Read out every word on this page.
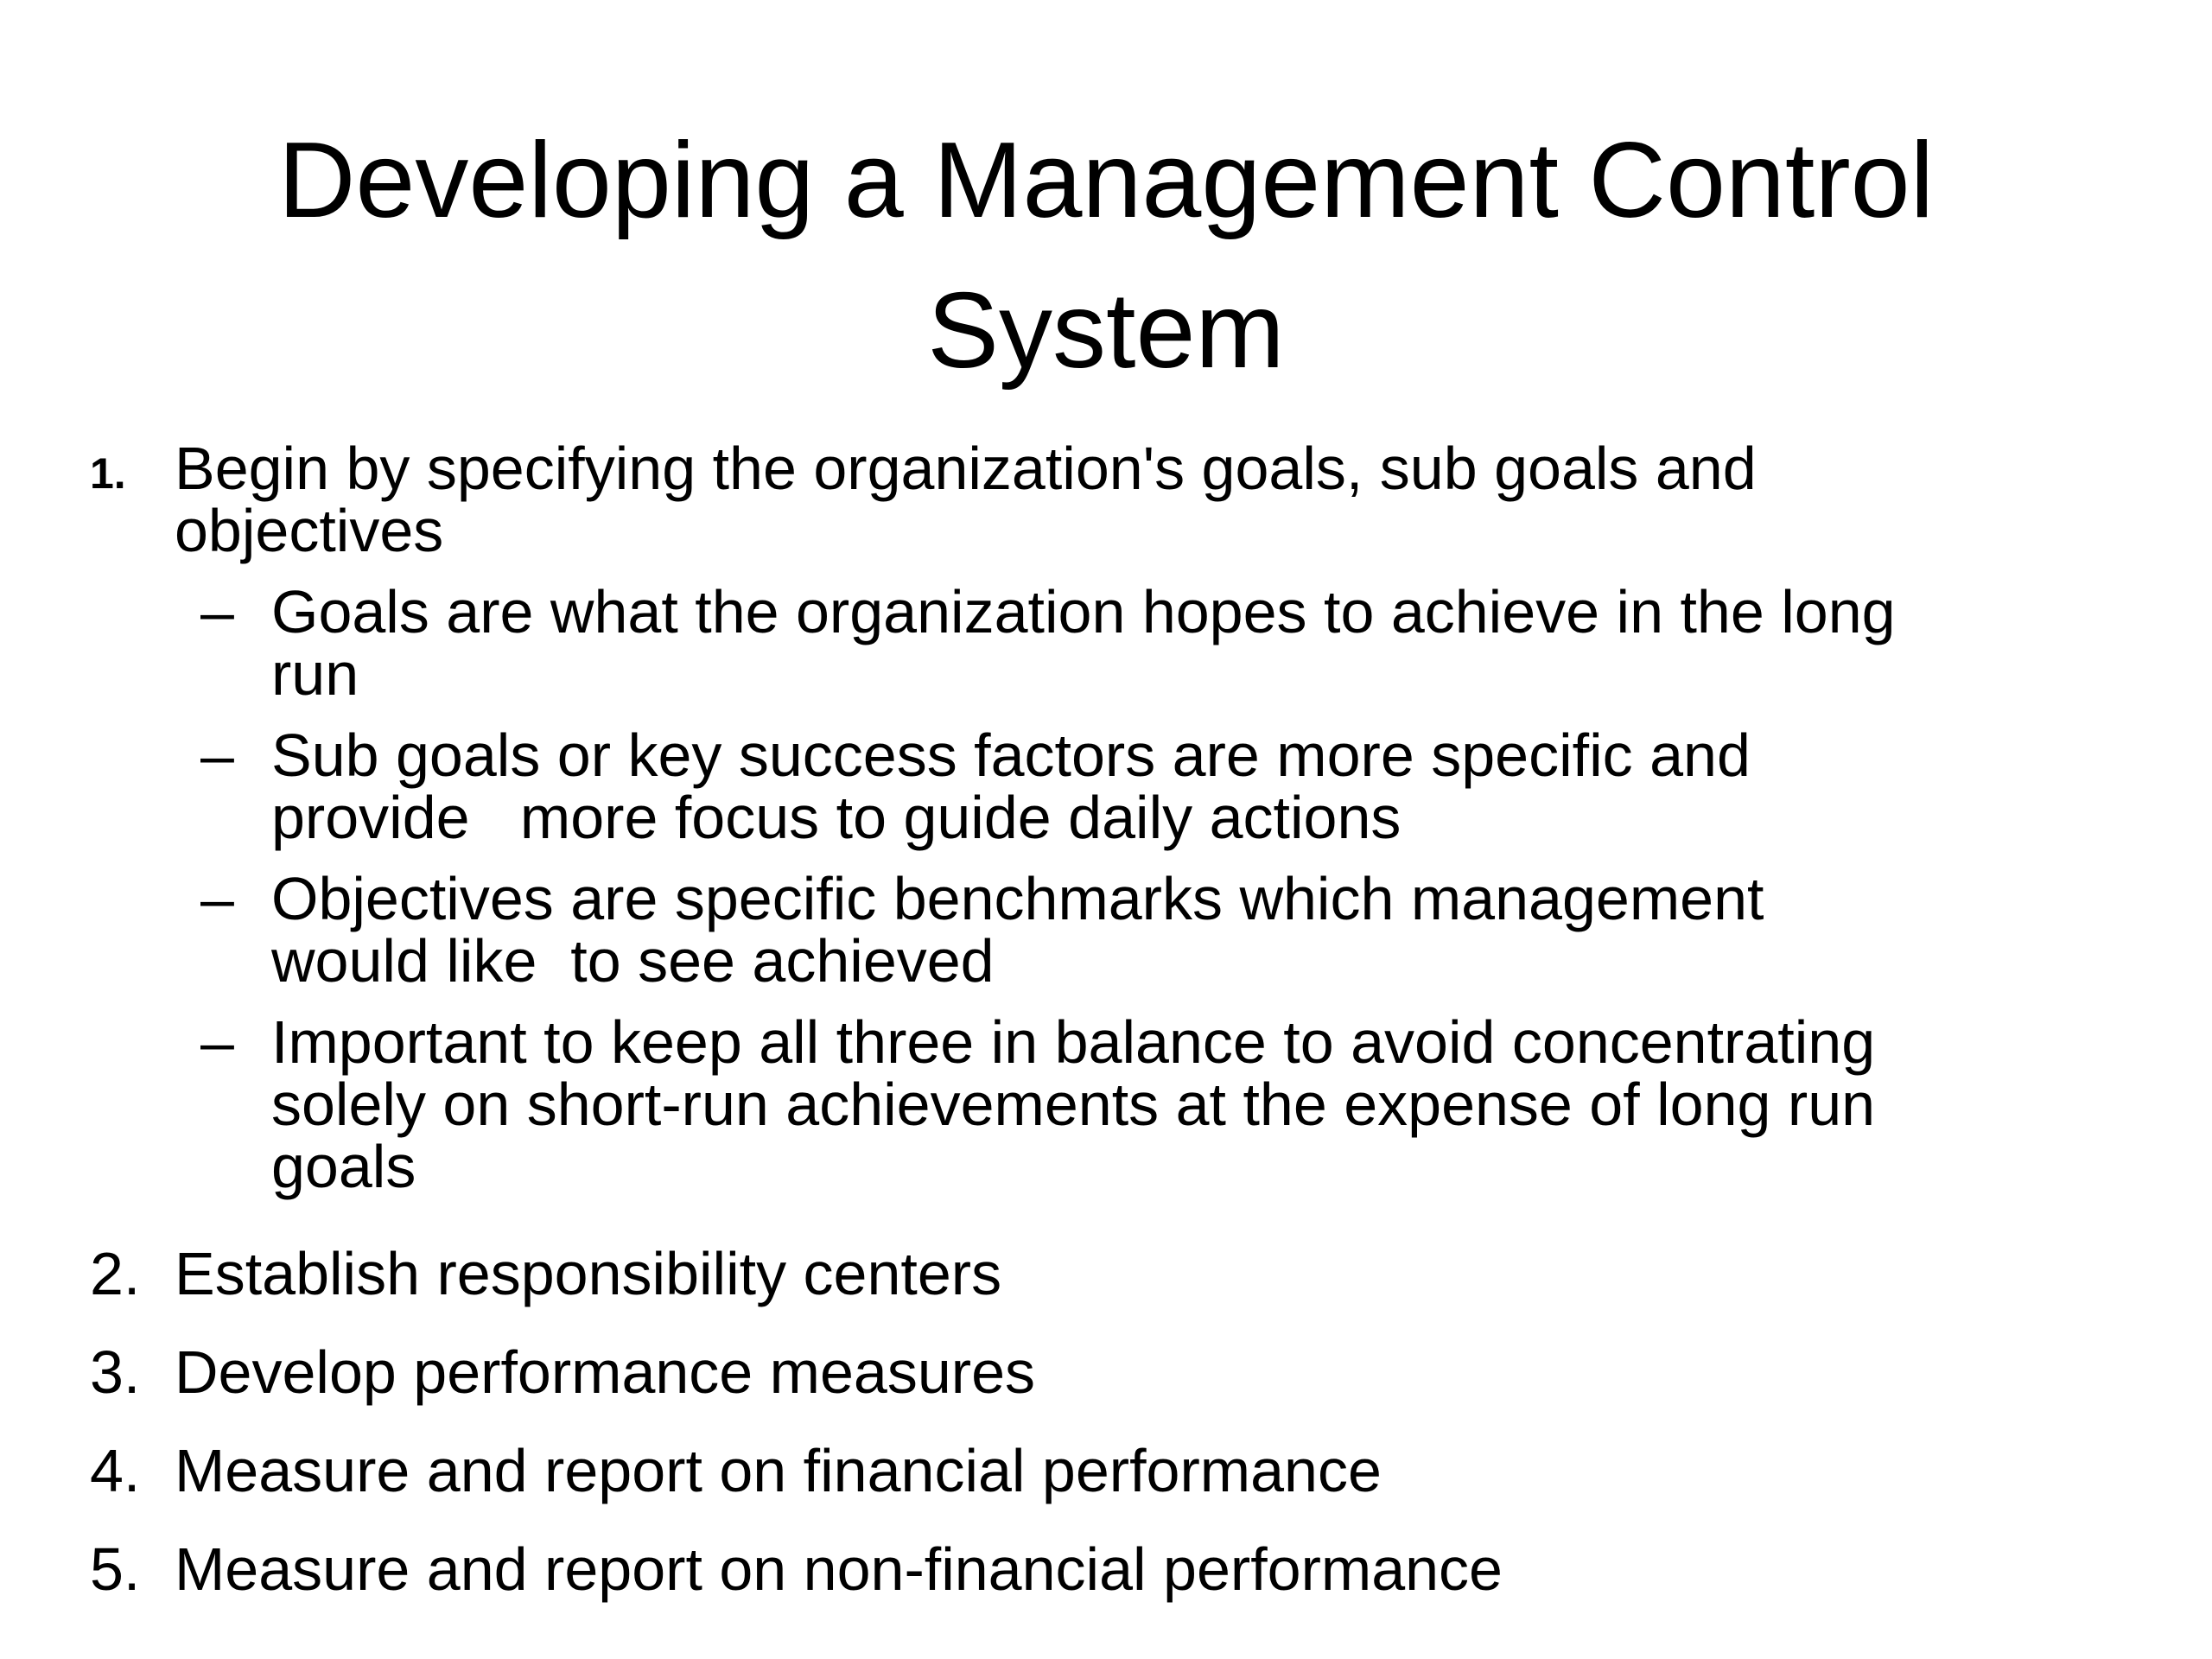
Developing a Management Control
System
1. Begin by specifying the organization's goals, sub goals and
objectives
– Goals are what the organization hopes to achieve in the long
run
– Sub goals or key success factors are more specific and
provide   more focus to guide daily actions
– Objectives are specific benchmarks which management
would like  to see achieved
– Important to keep all three in balance to avoid concentrating
solely on short-run achievements at the expense of long run
goals
2. Establish responsibility centers
3. Develop performance measures
4. Measure and report on financial performance
5. Measure and report on non-financial performance
